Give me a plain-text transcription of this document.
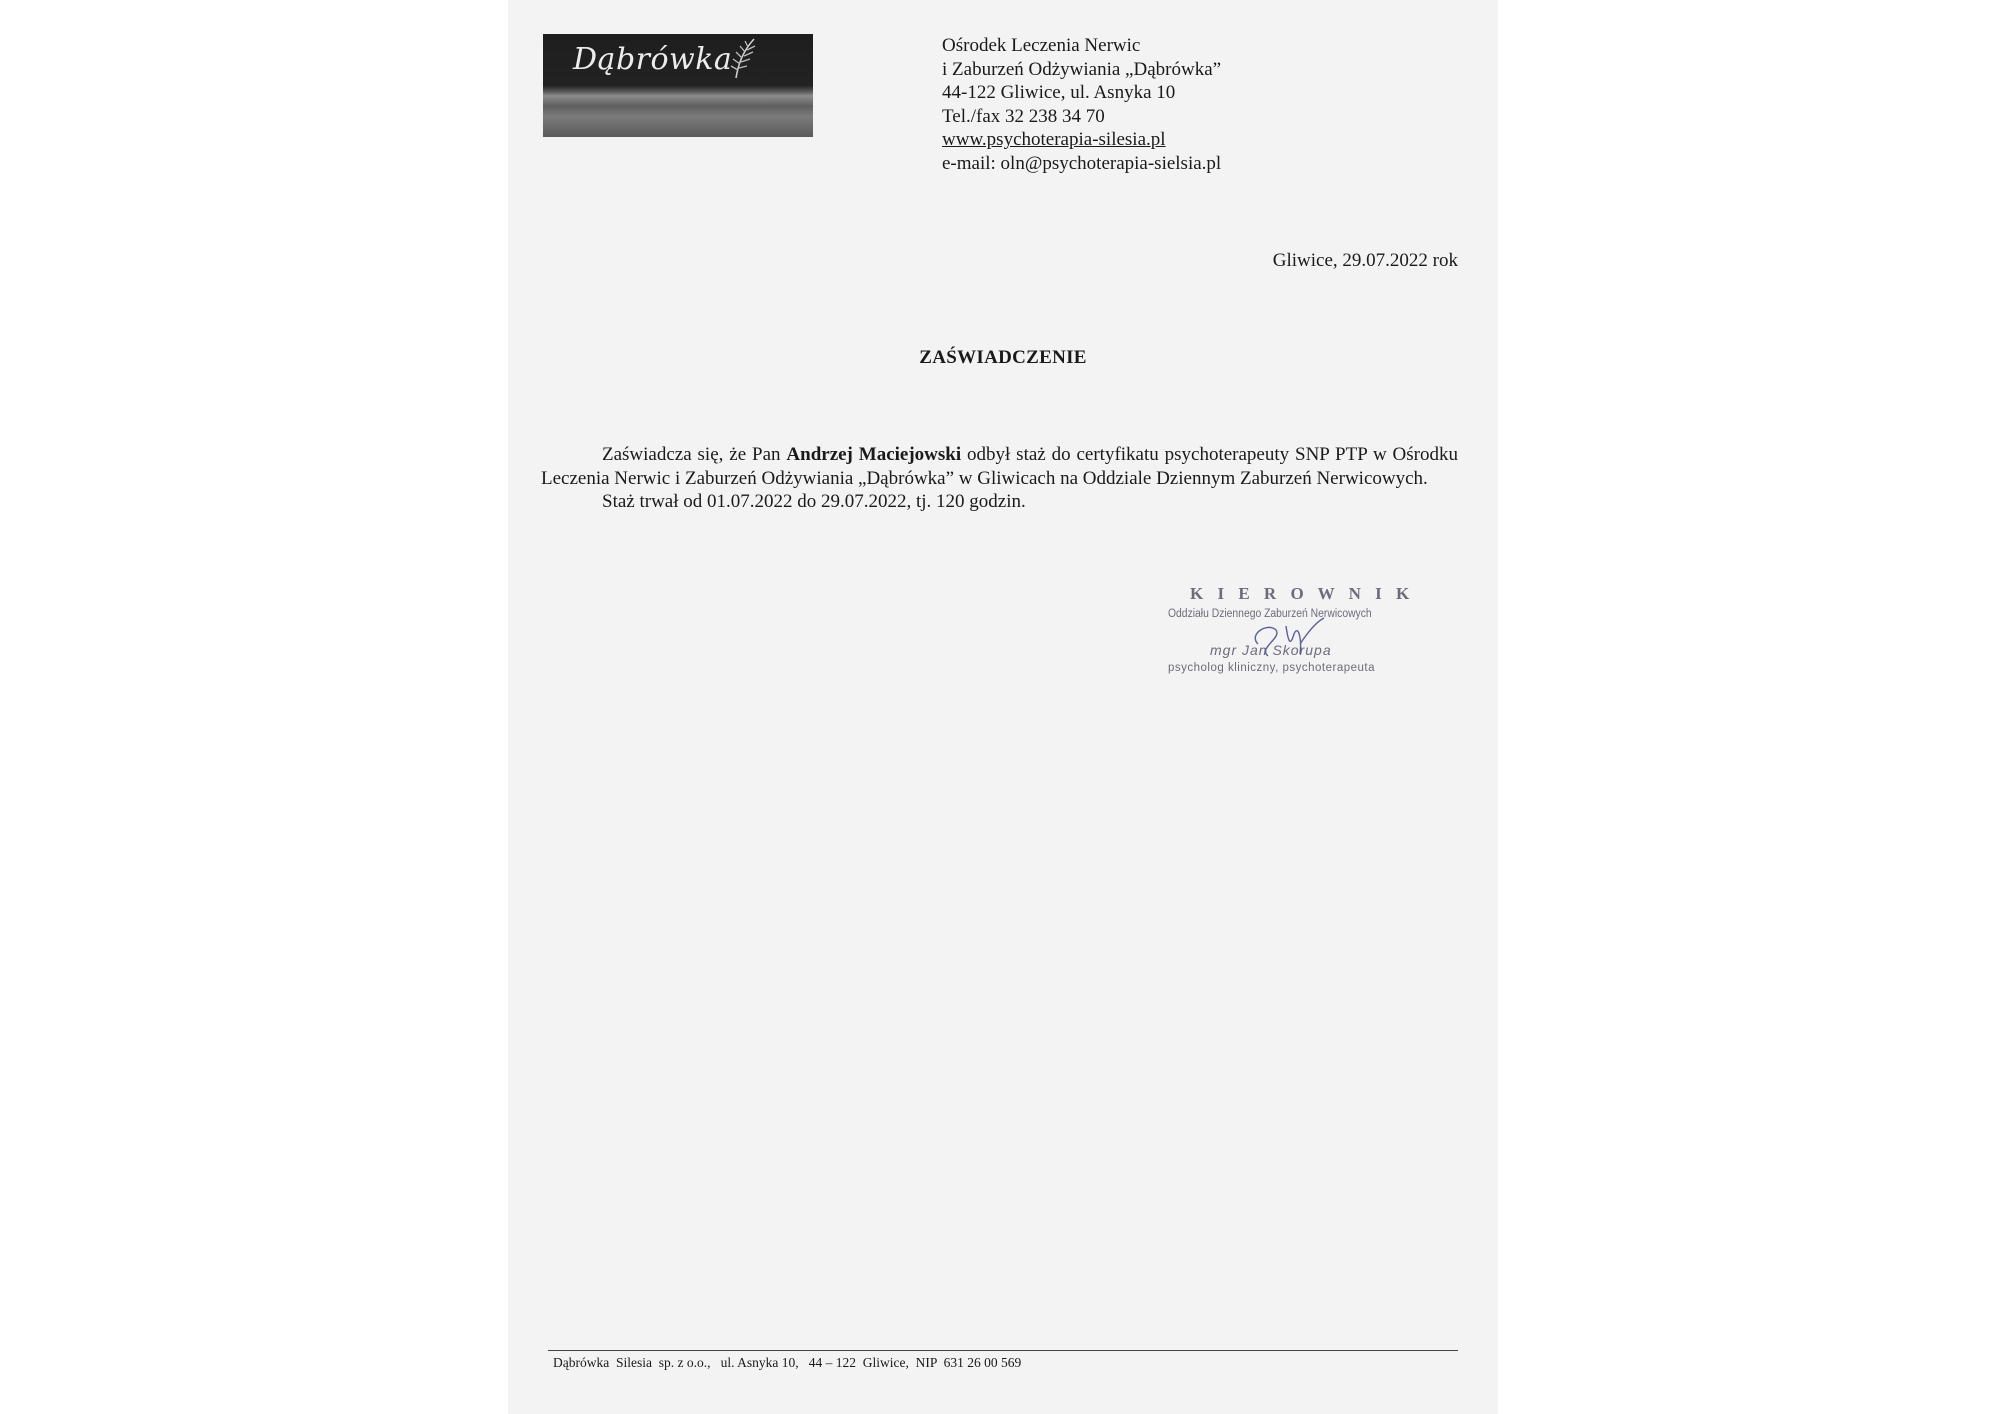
Dąbrówka	Ośrodek Leczenia Nerwic
i Zaburzeń Odżywiania „Dąbrówka”
44-122 Gliwice, ul. Asnyka 10
Tel./fax 32 238 34 70
www.psychoterapia-silesia.pl
e-mail: oln@psychoterapia-sielsia.pl
Gliwice, 29.07.2022 rok
ZAŚWIADCZENIE

Zaświadcza się, że Pan Andrzej Maciejowski odbył staż do certyfikatu psychoterapeuty SNP PTP w Ośrodku Leczenia Nerwic i Zaburzeń Odżywiania „Dąbrówka” w Gliwicach na Oddziale Dziennym Zaburzeń Nerwicowych.

Staż trwał od 01.07.2022 do 29.07.2022, tj. 120 godzin.

K I E R O W N I K
Oddziału Dziennego Zaburzeń Nerwicowych
mgr Jan Skorupa
psycholog kliniczny, psychoterapeuta
Dąbrówka  Silesia  sp. z o.o.,   ul. Asnyka 10,   44 – 122  Gliwice,  NIP  631 26 00 569
